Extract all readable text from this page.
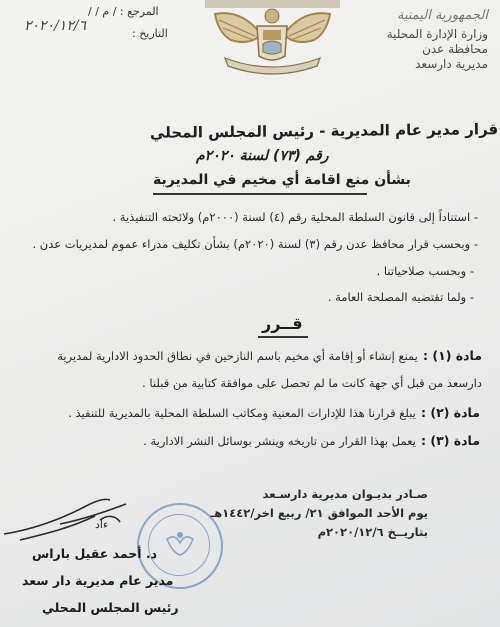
الجمهورية اليمنية
وزارة الإدارة المحلية
محافظة عدن
مديرية دارسعد
المرجع : / م / /
التاريخ :
٢٠٢٠/١٢/٦
قرار مدير عام المديرية - رئيس المجلس المحلي
رقم (٧٣) لسنة ٢٠٢٠م
بشأن منع اقامة أي مخيم في المديرية
- استناداً إلى قانون السلطة المحلية رقم (٤) لسنة (٢٠٠٠م) ولائحته التنفيذية .
- وبحسب قرار محافظ عدن رقم (٣) لسنة (٢٠٢٠م) بشأن تكليف مدراء عموم لمديريات عدن .
- وبحسب صلاحياتنا .
- ولما تقتضيه المصلحة العامة .
قــرر
مادة (١) : يمنع إنشاء أو إقامة أي مخيم باسم النازحين في نطاق الحدود الادارية لمديرية
دارسعد من قبل أي جهة كانت ما لم تحصل على موافقة كتابية من قبلنا .
مادة (٢) : يبلغ قرارنا هذا للإدارات المعنية ومكاتب السلطة المحلية بالمديرية للتنفيذ .
مادة (٣) : يعمل بهذا القرار من تاريخه وينشر بوسائل النشر الادارية .
صـادر بديـوان مديرية دارسـعد
يوم الأحد الموافق ٢١/ ربيع اخر/١٤٤٢هـ
بتاريــخ ٢٠٢٠/١٢/٦م
ءاد
د. أحمد عقيل باراس
مدير عام مديرية دار سعد
رئيس المجلس المحلي
